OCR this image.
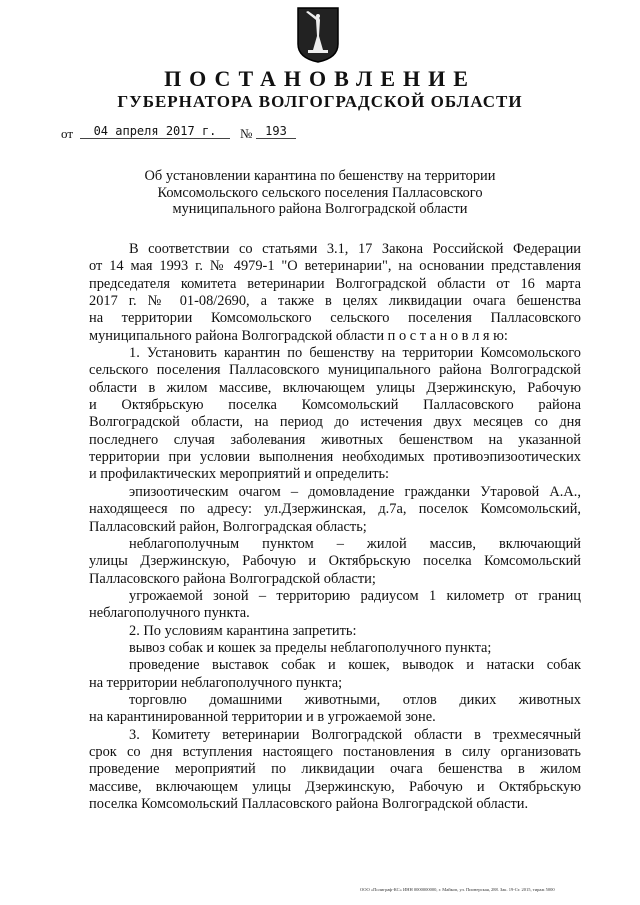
ПОСТАНОВЛЕНИЕ
ГУБЕРНАТОРА ВОЛГОГРАДСКОЙ ОБЛАСТИ
от	04 апреля 2017 г.	№	193
Об установлении карантина по бешенству на территории
Комсомольского сельского поселения Палласовского
муниципального района Волгоградской области

В соответствии со статьями 3.1, 17 Закона Российской Федерации

от 14 мая 1993 г. № 4979-1 "О ветеринарии", на основании представления

председателя комитета ветеринарии Волгоградской области от 16 марта

2017 г. № 01-08/2690, а также в целях ликвидации очага бешенства

на территории Комсомольского сельского поселения Палласовского

муниципального района Волгоградской области п о с т а н о в л я ю:

1. Установить карантин по бешенству на территории Комсомольского

сельского поселения Палласовского муниципального района Волгоградской

области в жилом массиве, включающем улицы Дзержинскую, Рабочую

и Октябрьскую поселка Комсомольский Палласовского района

Волгоградской области, на период до истечения двух месяцев со дня

последнего случая заболевания животных бешенством на указанной

территории при условии выполнения необходимых противоэпизоотических

и профилактических мероприятий и определить:

эпизоотическим очагом – домовладение гражданки Утаровой А.А.,

находящееся по адресу: ул.Дзержинская, д.7а, поселок Комсомольский,

Палласовский район, Волгоградская область;

неблагополучным пунктом – жилой массив, включающий

улицы Дзержинскую, Рабочую и Октябрьскую поселка Комсомольский

Палласовского района Волгоградской области;

угрожаемой зоной – территорию радиусом 1 километр от границ

неблагополучного пункта.

2. По условиям карантина запретить:

вывоз собак и кошек за пределы неблагополучного пункта;

проведение выставок собак и кошек, выводок и натаски собак

на территории неблагополучного пункта;

торговлю домашними животными, отлов диких животных

на карантинированной территории и в угрожаемой зоне.

3. Комитету ветеринарии Волгоградской области в трехмесячный

срок со дня вступления настоящего постановления в силу организовать

проведение мероприятий по ликвидации очага бешенства в жилом

массиве, включающем улицы Дзержинскую, Рабочую и Октябрьскую

поселка Комсомольский Палласовского района Волгоградской области.

ООО «Полиграф-КС» ИНН 0000000000, г. Майкоп, ул. Пионерская, 288. Зак. 19-Ст. 2015, тираж 5000
